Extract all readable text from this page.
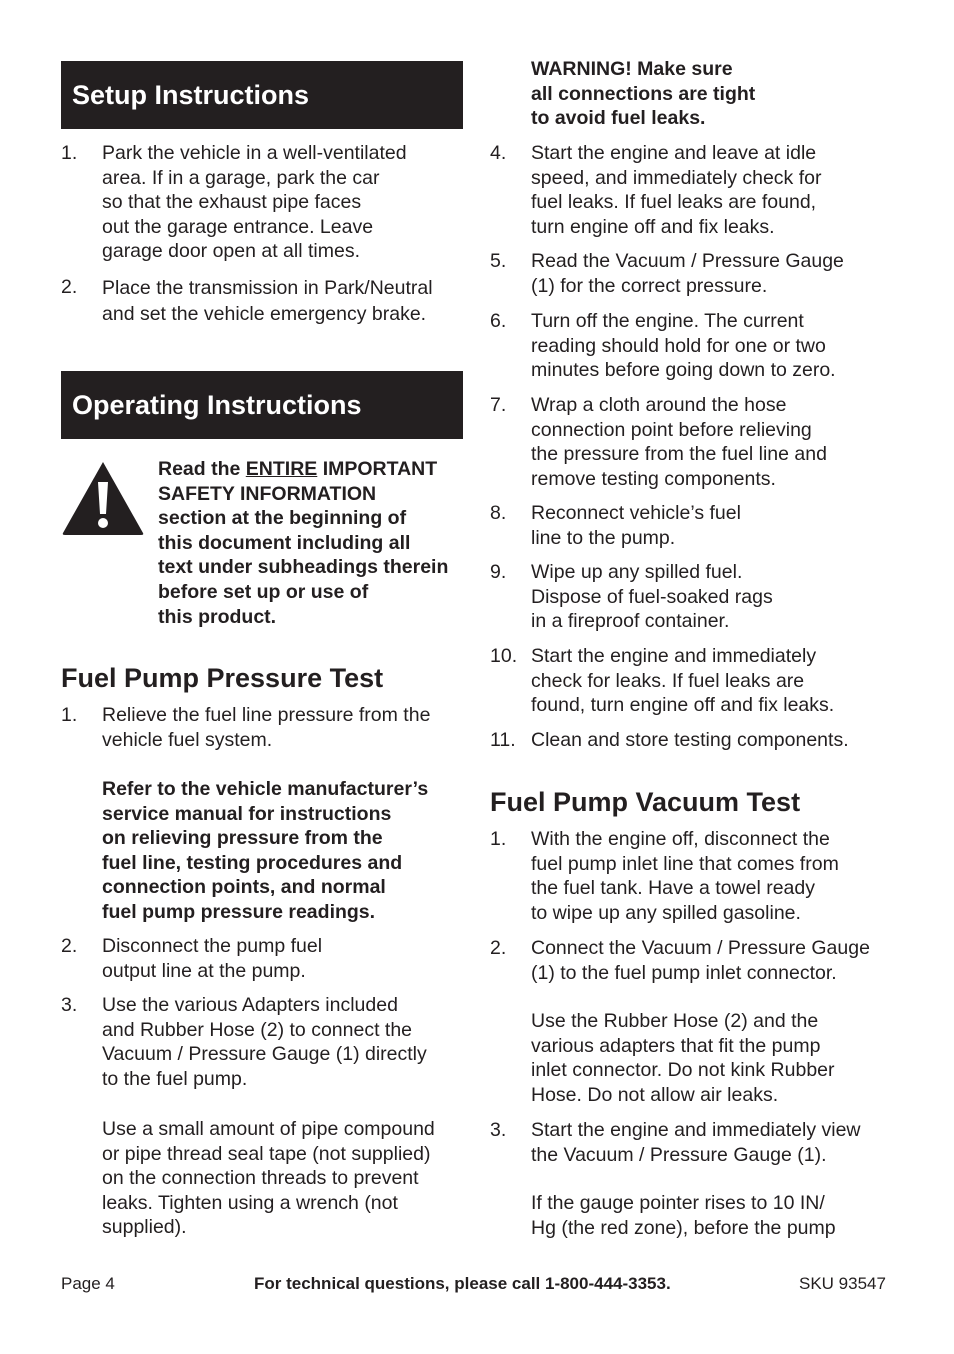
Setup Instructions
1. Park the vehicle in a well-ventilated
area. If in a garage, park the car
so that the exhaust pipe faces
out the garage entrance. Leave
garage door open at all times.
2. Place the transmission in Park/Neutral
and set the vehicle emergency brake.
Operating Instructions
Read the ENTIRE IMPORTANT
SAFETY INFORMATION
section at the beginning of
this document including all
text under subheadings therein
before set up or use of
this product.
Fuel Pump Pressure Test
1. Relieve the fuel line pressure from the
vehicle fuel system.
Refer to the vehicle manufacturer’s
service manual for instructions
on relieving pressure from the
fuel line, testing procedures and
connection points, and normal
fuel pump pressure readings.
2. Disconnect the pump fuel
output line at the pump.
3. Use the various Adapters included
and Rubber Hose (2) to connect the
Vacuum / Pressure Gauge (1) directly
to the fuel pump.
Use a small amount of pipe compound
or pipe thread seal tape (not supplied)
on the connection threads to prevent
leaks. Tighten using a wrench (not
supplied).
WARNING! Make sure
all connections are tight
to avoid fuel leaks.
4. Start the engine and leave at idle
speed, and immediately check for
fuel leaks. If fuel leaks are found,
turn engine off and fix leaks.
5. Read the Vacuum / Pressure Gauge
(1) for the correct pressure.
6. Turn off the engine. The current
reading should hold for one or two
minutes before going down to zero.
7. Wrap a cloth around the hose
connection point before relieving
the pressure from the fuel line and
remove testing components.
8. Reconnect vehicle’s fuel
line to the pump.
9. Wipe up any spilled fuel.
Dispose of fuel-soaked rags
in a fireproof container.
10. Start the engine and immediately
check for leaks. If fuel leaks are
found, turn engine off and fix leaks.
11. Clean and store testing components.
Fuel Pump Vacuum Test
1. With the engine off, disconnect the
fuel pump inlet line that comes from
the fuel tank. Have a towel ready
to wipe up any spilled gasoline.
2. Connect the Vacuum / Pressure Gauge
(1) to the fuel pump inlet connector.
Use the Rubber Hose (2) and the
various adapters that fit the pump
inlet connector. Do not kink Rubber
Hose. Do not allow air leaks.
3. Start the engine and immediately view
the Vacuum / Pressure Gauge (1).
If the gauge pointer rises to 10 IN/
Hg (the red zone), before the pump
Page 4	For technical questions, please call 1-800-444-3353.	SKU 93547
